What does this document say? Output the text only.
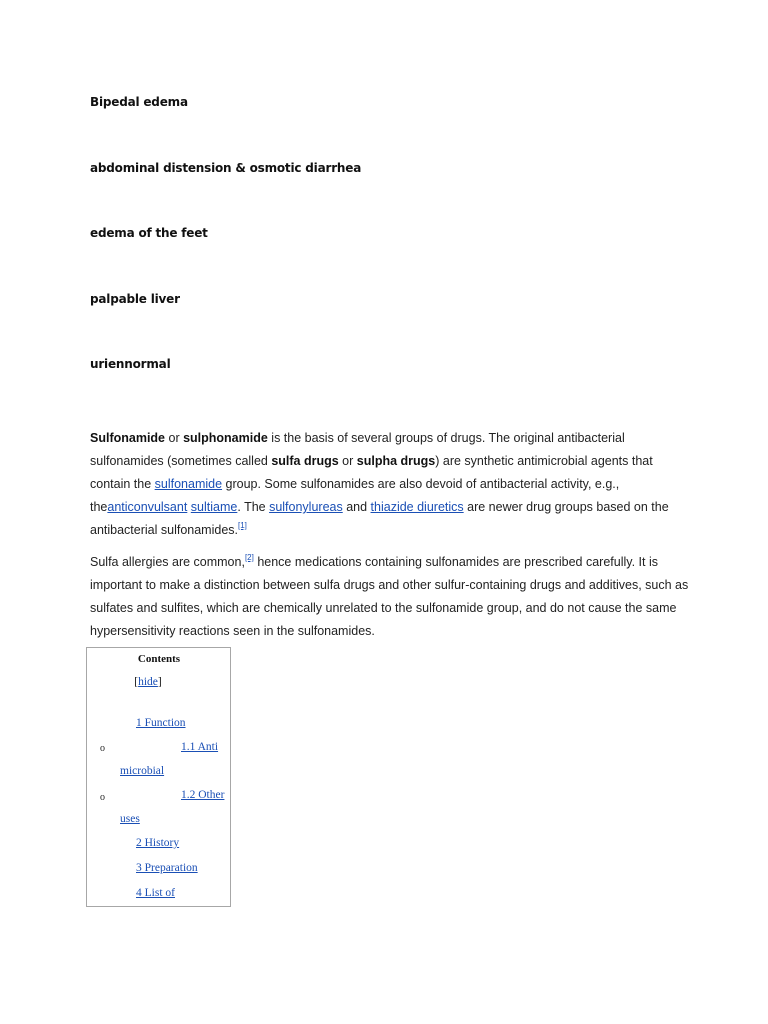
Bipedal edema
abdominal distension & osmotic diarrhea
edema of the feet
palpable liver
uriennormal

Sulfonamide or sulphonamide is the basis of several groups of drugs. The original antibacterial sulfonamides (sometimes called sulfa drugs or sulpha drugs) are synthetic antimicrobial agents that contain the sulfonamide group. Some sulfonamides are also devoid of antibacterial activity, e.g., theanticonvulsant sultiame. The sulfonylureas and thiazide diuretics are newer drug groups based on the antibacterial sulfonamides.[1]

Sulfa allergies are common,[2] hence medications containing sulfonamides are prescribed carefully. It is important to make a distinction between sulfa drugs and other sulfur-containing drugs and additives, such as sulfates and sulfites, which are chemically unrelated to the sulfonamide group, and do not cause the same hypersensitivity reactions seen in the sulfonamides.

Contents
[hide]
1 Function
o	1.1 Anti
microbial
o	1.2 Other
uses
2 History
3 Preparation
4 List of
